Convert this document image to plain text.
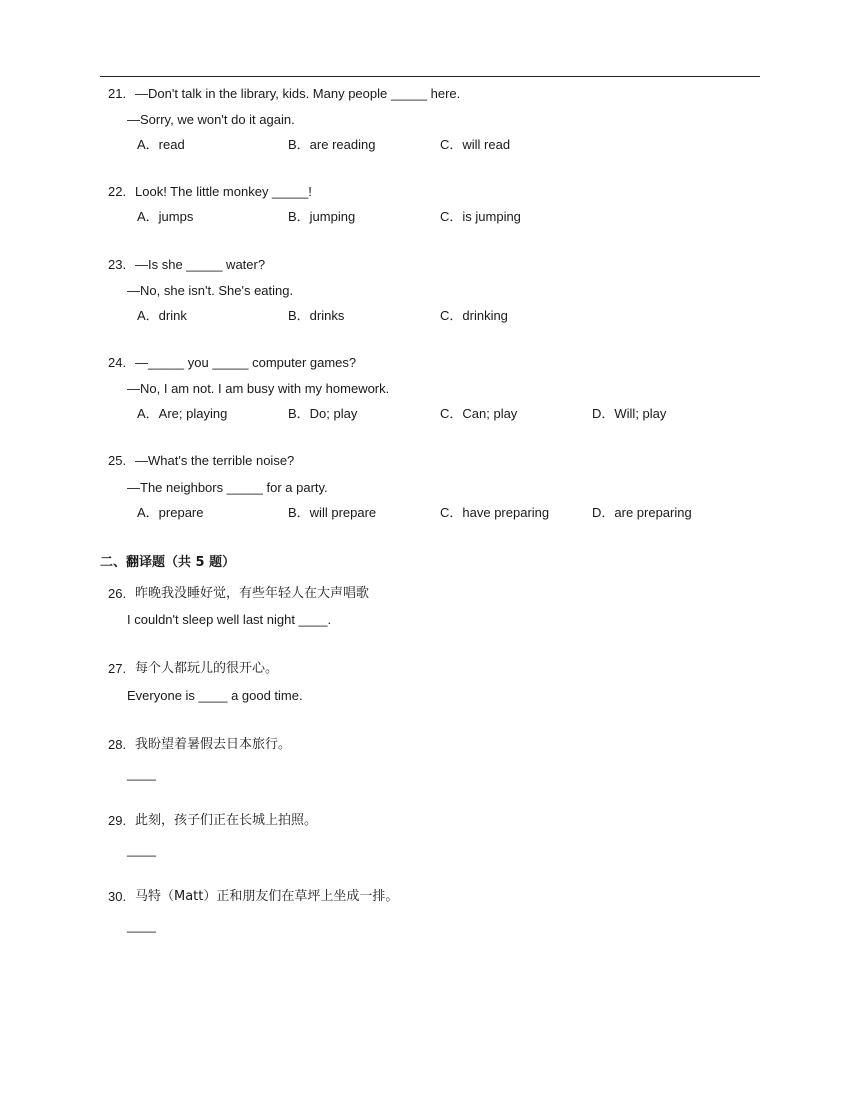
21. —Don't talk in the library, kids. Many people _____ here.
—Sorry, we won't do it again.
A．read	B．are reading	C．will read
22. Look! The little monkey _____!
A．jumps	B．jumping	C．is jumping
23. —Is she _____ water?
—No, she isn't. She's eating.
A．drink	B．drinks	C．drinking
24. —_____ you _____ computer games?
—No, I am not. I am busy with my homework.
A．Are; playing	B．Do; play	C．Can; play	D．Will; play
25. —What's the terrible noise?
—The neighbors _____ for a party.
A．prepare	B．will prepare	C．have preparing	D．are preparing
二、翻译题（共 5 题）
26. 昨晚我没睡好觉，有些年轻人在大声唱歌
I couldn't sleep well last night ____.
27. 每个人都玩儿的很开心。
Everyone is ____ a good time.
28. 我盼望着暑假去日本旅行。
____
29. 此刻，孩子们正在长城上拍照。
____
30. 马特（Matt）正和朋友们在草坪上坐成一排。
____
